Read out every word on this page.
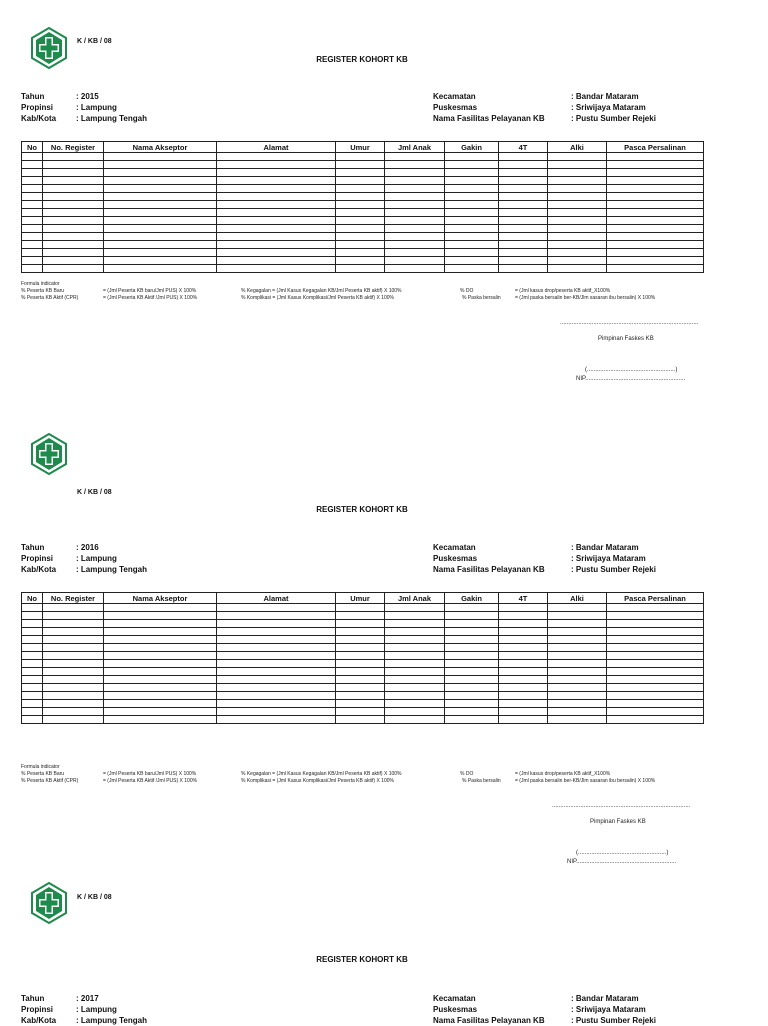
K / KB / 08
REGISTER KOHORT KB
Tahun	: 2015
Propinsi	: Lampung
Kab/Kota : Lampung Tengah
Kecamatan	: Bandar Mataram
Puskesmas	: Sriwijaya Mataram
Nama Fasilitas Pelayanan KB	: Pustu Sumber Rejeki
No	No. Register	Nama Akseptor	Alamat	Umur	Jml Anak	Gakin	4T	Alki	Pasca Persalinan

Formula indicator
% Peserta KB Baru	= (Jml Peserta KB baru/Jml PUS) X 100%	% Kegagalan = (Jml Kasus Kegagalan KB/Jml Peserta KB aktif) X 100%	% DO	= (Jml kasus drop/peserta KB aktif_X100%
% Peserta KB Aktif (CPR)	= (Jml Peserta KB Aktif /Jml PUS) X 100%	% Komplikasi = (Jml Kasus Komplikasi/Jml Peserta KB aktif) X 100%	% Paska bersalin	= (Jml paska bersalin ber-KB/Jlm sasaran ibu bersalin) X 100%
...................................................................................
Pimpinan Faskes KB
(.....................................................)
NIP............................................................
K / KB / 08
REGISTER KOHORT KB
Tahun	: 2016
Propinsi	: Lampung
Kab/Kota : Lampung Tengah
Kecamatan	: Bandar Mataram
Puskesmas	: Sriwijaya Mataram
Nama Fasilitas Pelayanan KB	: Pustu Sumber Rejeki
No	No. Register	Nama Akseptor	Alamat	Umur	Jml Anak	Gakin	4T	Alki	Pasca Persalinan

Formula indicator
% Peserta KB Baru	= (Jml Peserta KB baru/Jml PUS) X 100%	% Kegagalan = (Jml Kasus Kegagalan KB/Jml Peserta KB aktif) X 100%	% DO	= (Jml kasus drop/peserta KB aktif_X100%
% Peserta KB Aktif (CPR)	= (Jml Peserta KB Aktif /Jml PUS) X 100%	% Komplikasi = (Jml Kasus Komplikasi/Jml Peserta KB aktif) X 100%	% Paska bersalin	= (Jml paska bersalin ber-KB/Jlm sasaran ibu bersalin) X 100%
...................................................................................
Pimpinan Faskes KB
(.....................................................)
NIP............................................................
K / KB / 08
REGISTER KOHORT KB
Tahun	: 2017
Propinsi	: Lampung
Kab/Kota : Lampung Tengah
Kecamatan	: Bandar Mataram
Puskesmas	: Sriwijaya Mataram
Nama Fasilitas Pelayanan KB	: Pustu Sumber Rejeki
